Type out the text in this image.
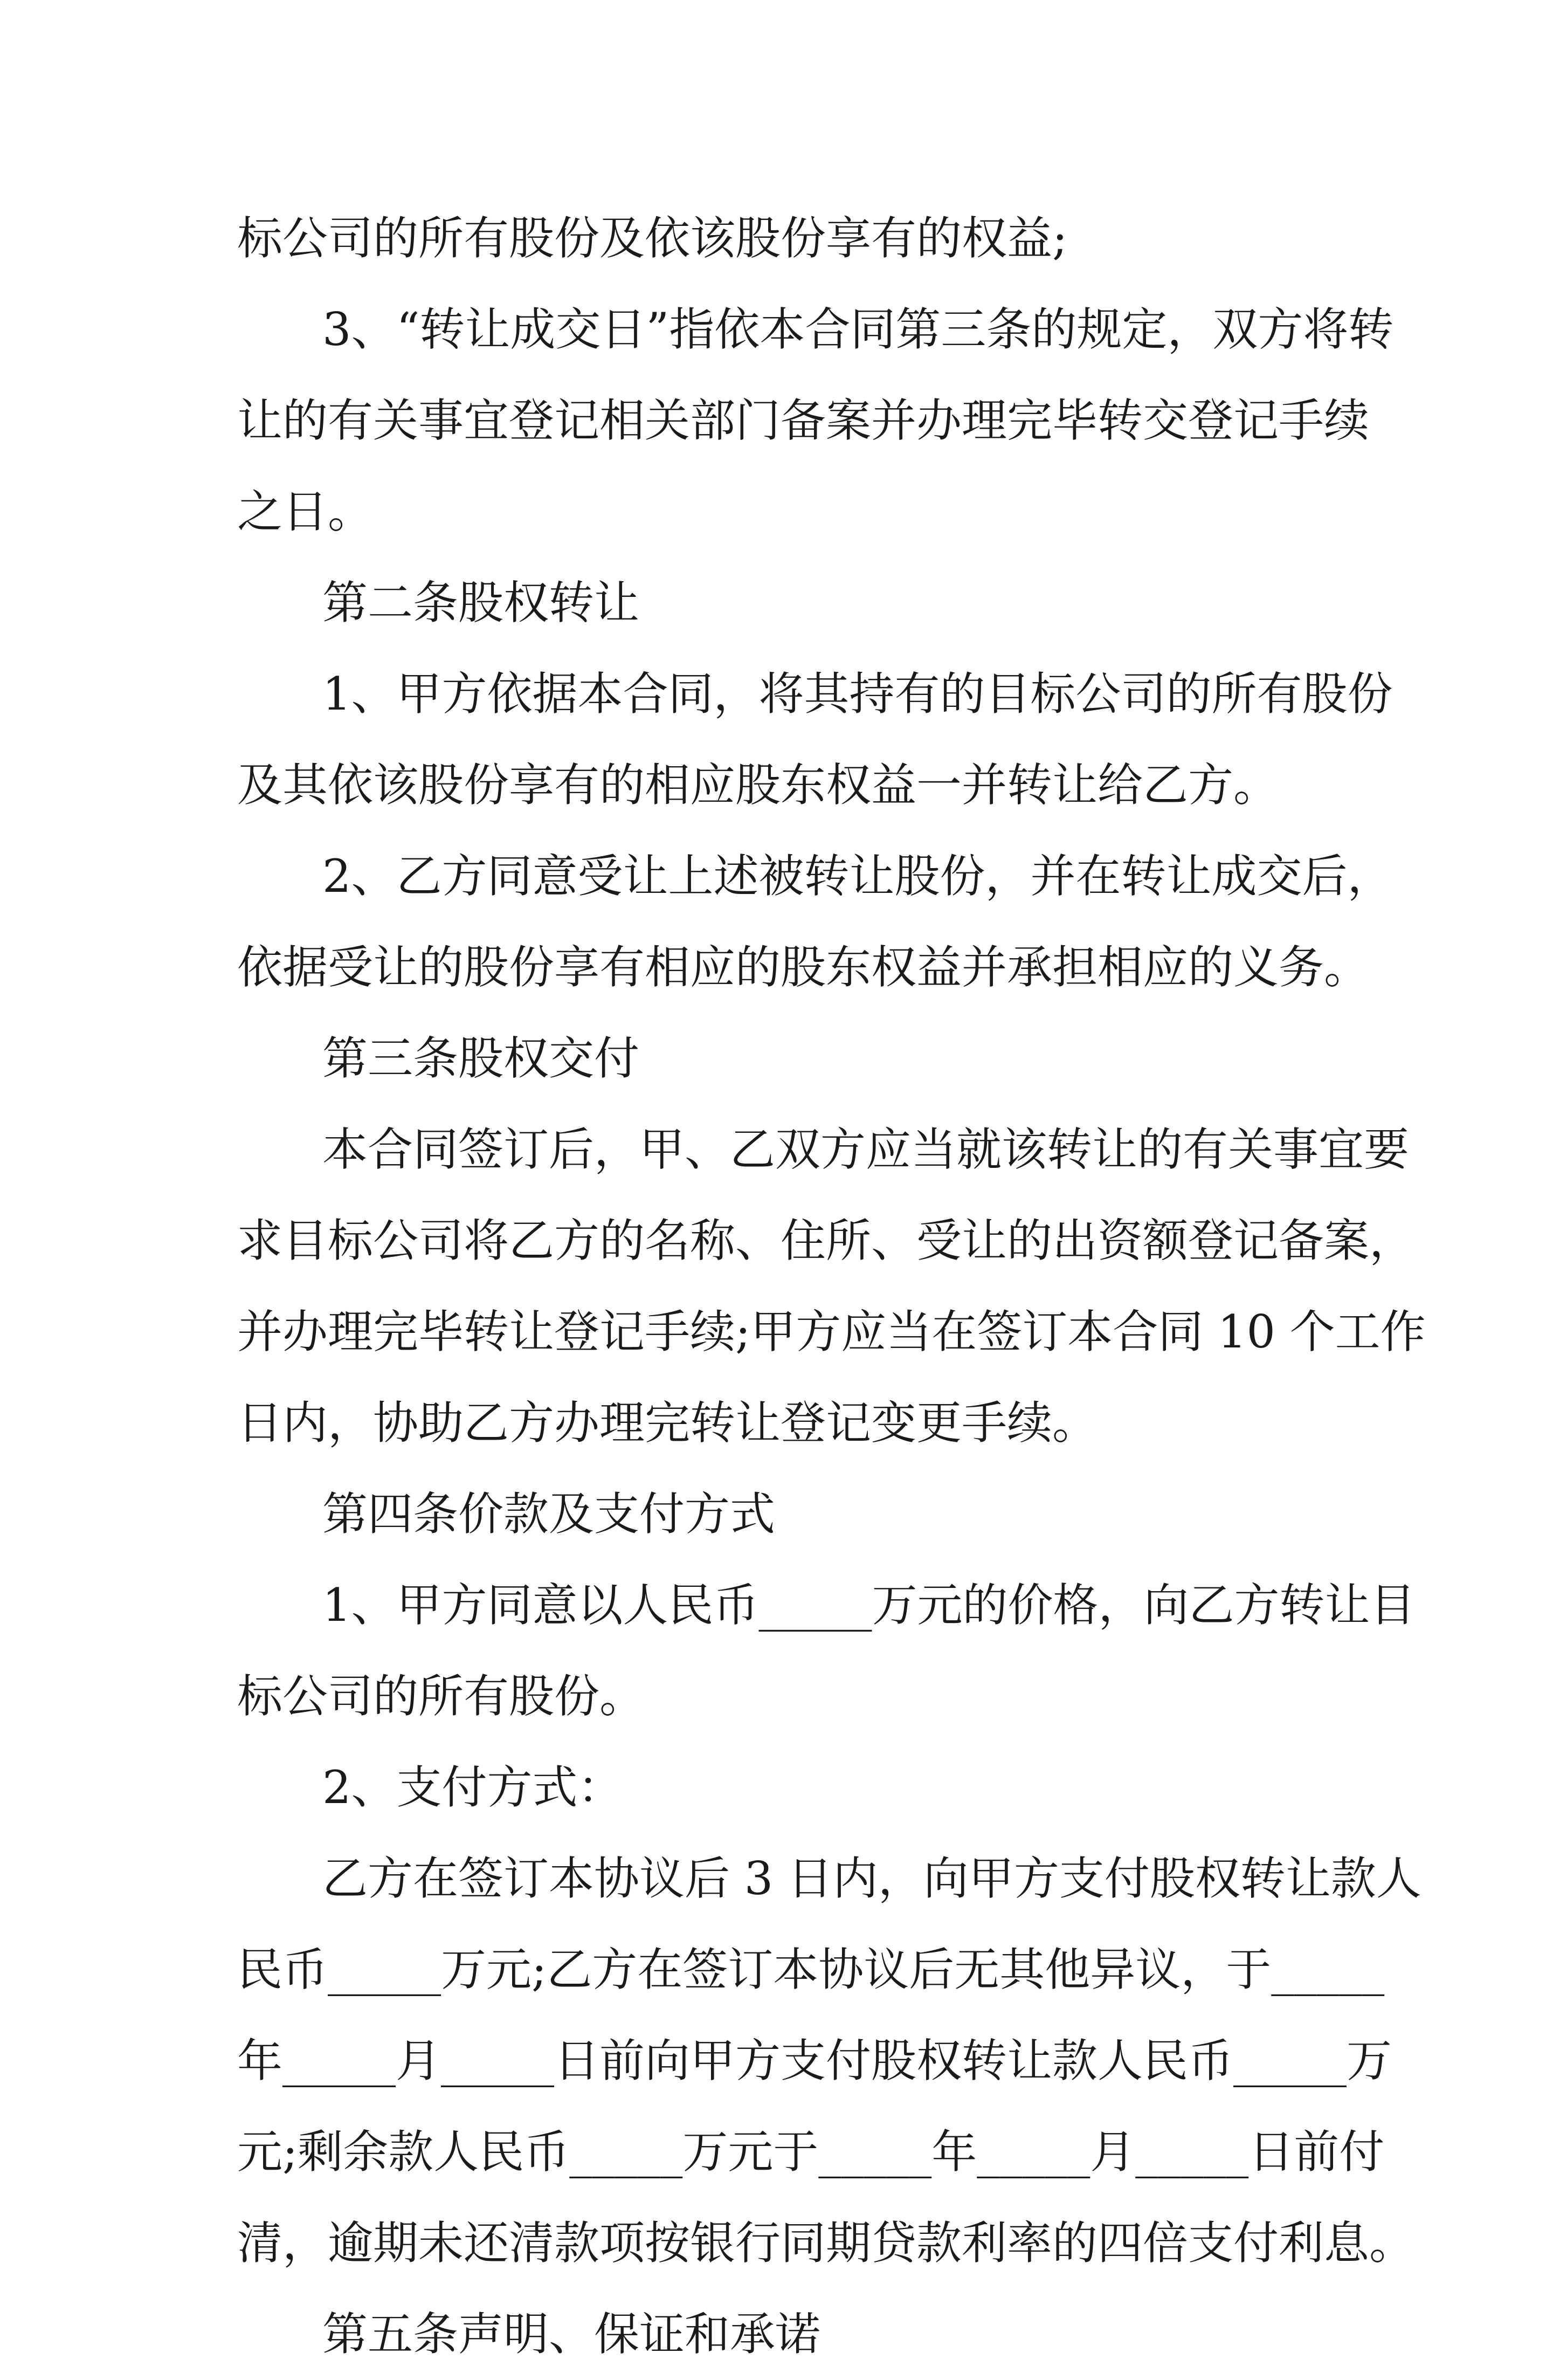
标公司的所有股份及依该股份享有的权益;
3、“转让成交日”指依本合同第三条的规定，双方将转
让的有关事宜登记相关部门备案并办理完毕转交登记手续
之日。
第二条股权转让
1、甲方依据本合同，将其持有的目标公司的所有股份
及其依该股份享有的相应股东权益一并转让给乙方。
2、乙方同意受让上述被转让股份，并在转让成交后，
依据受让的股份享有相应的股东权益并承担相应的义务。
第三条股权交付
本合同签订后，甲、乙双方应当就该转让的有关事宜要
求目标公司将乙方的名称、住所、受让的出资额登记备案，
并办理完毕转让登记手续;甲方应当在签订本合同 10 个工作
日内，协助乙方办理完转让登记变更手续。
第四条价款及支付方式
1、甲方同意以人民币_____万元的价格，向乙方转让目
标公司的所有股份。
2、支付方式：
乙方在签订本协议后 3 日内，向甲方支付股权转让款人
民币_____万元;乙方在签订本协议后无其他异议，于_____
年_____月_____日前向甲方支付股权转让款人民币_____万
元;剩余款人民币_____万元于_____年_____月_____日前付
清，逾期未还清款项按银行同期贷款利率的四倍支付利息。
第五条声明、保证和承诺
